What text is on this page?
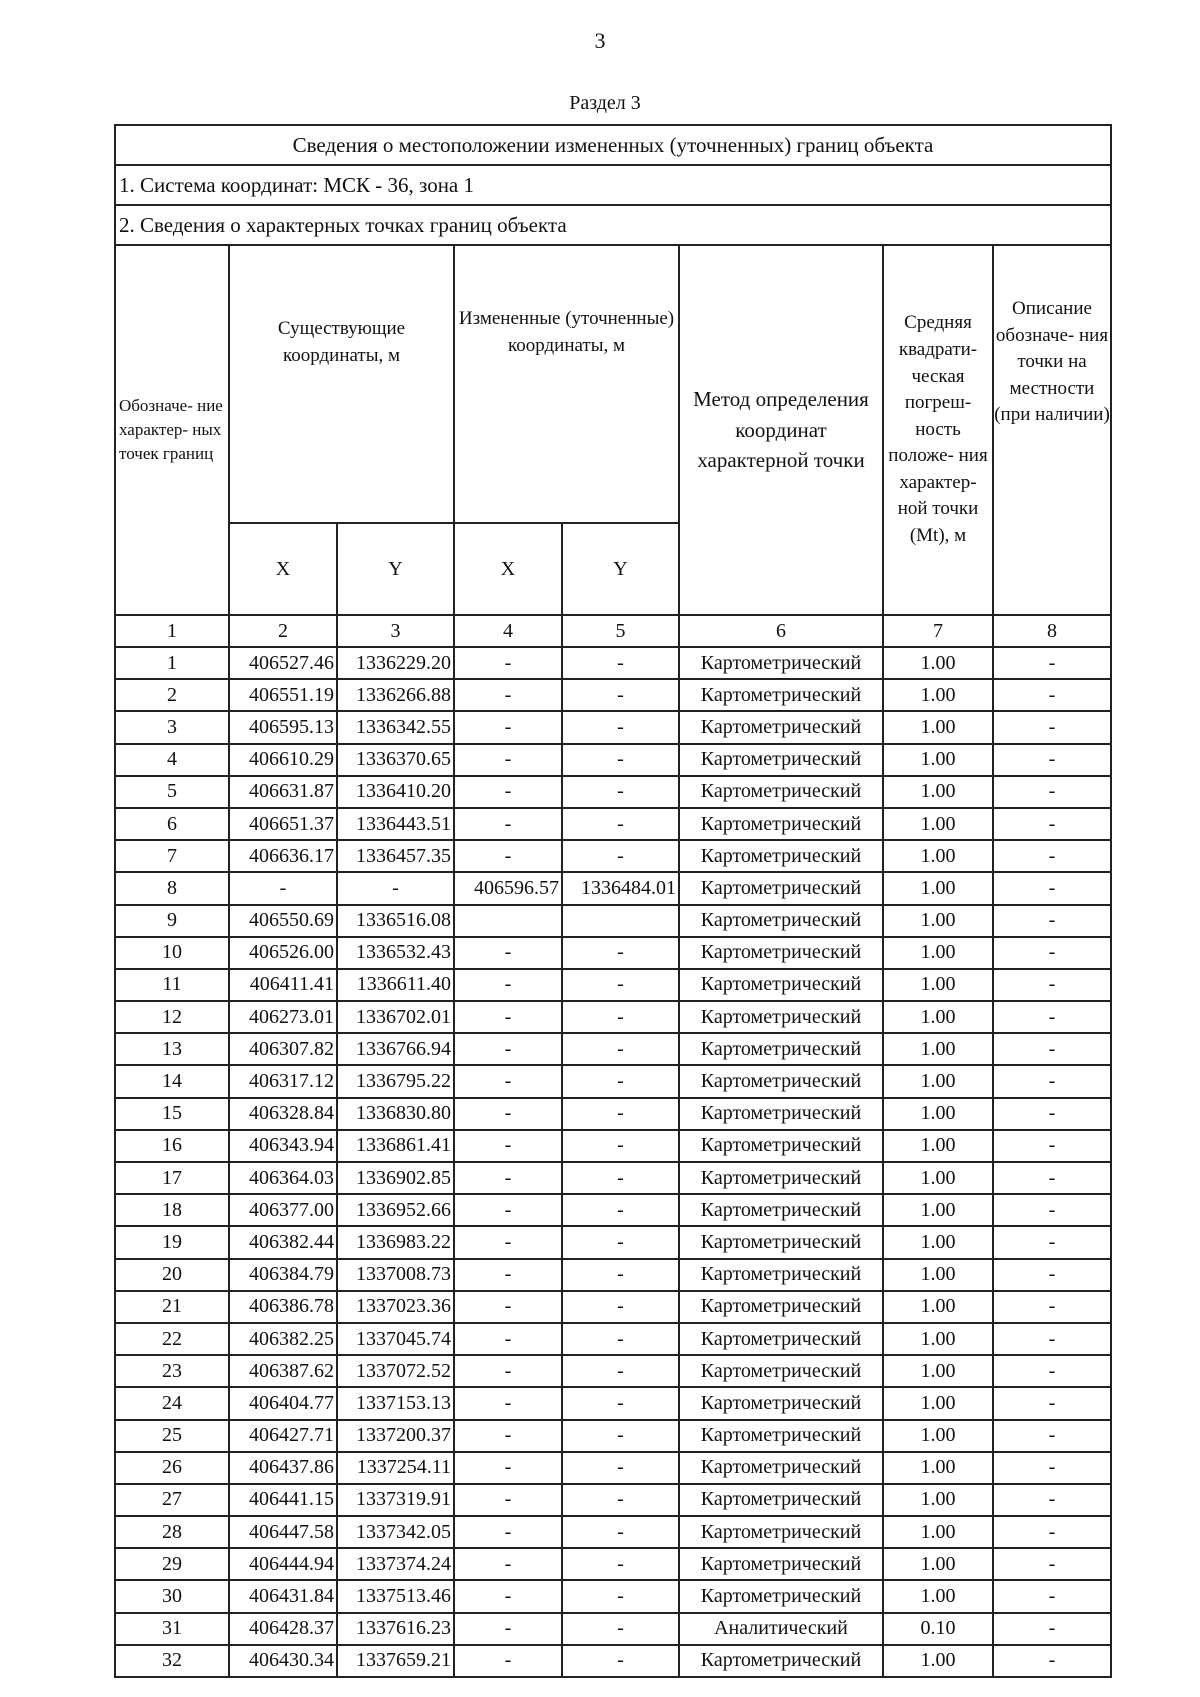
3
Раздел 3
Сведения о местоположении измененных (уточненных) границ объекта							
1. Система координат: МСК - 36, зона 1							
2. Сведения о характерных точках границ объекта							
Обозначе- ние характер- ных точек границ	Существующие координаты, м		Измененные (уточненные) координаты, м		Метод определения координат характерной точки	Средняя квадрати- ческая погреш- ность положе- ния характер- ной точки (Mt), м	Описание обозначе- ния точки на местности (при наличии)
	X	Y	X	Y			
1	2	3	4	5	6	7	8
1	406527.46	1336229.20	-	-	Картометрический	1.00	-
2	406551.19	1336266.88	-	-	Картометрический	1.00	-
3	406595.13	1336342.55	-	-	Картометрический	1.00	-
4	406610.29	1336370.65	-	-	Картометрический	1.00	-
5	406631.87	1336410.20	-	-	Картометрический	1.00	-
6	406651.37	1336443.51	-	-	Картометрический	1.00	-
7	406636.17	1336457.35	-	-	Картометрический	1.00	-
8	-	-	406596.57	1336484.01	Картометрический	1.00	-
9	406550.69	1336516.08			Картометрический	1.00	-
10	406526.00	1336532.43	-	-	Картометрический	1.00	-
11	406411.41	1336611.40	-	-	Картометрический	1.00	-
12	406273.01	1336702.01	-	-	Картометрический	1.00	-
13	406307.82	1336766.94	-	-	Картометрический	1.00	-
14	406317.12	1336795.22	-	-	Картометрический	1.00	-
15	406328.84	1336830.80	-	-	Картометрический	1.00	-
16	406343.94	1336861.41	-	-	Картометрический	1.00	-
17	406364.03	1336902.85	-	-	Картометрический	1.00	-
18	406377.00	1336952.66	-	-	Картометрический	1.00	-
19	406382.44	1336983.22	-	-	Картометрический	1.00	-
20	406384.79	1337008.73	-	-	Картометрический	1.00	-
21	406386.78	1337023.36	-	-	Картометрический	1.00	-
22	406382.25	1337045.74	-	-	Картометрический	1.00	-
23	406387.62	1337072.52	-	-	Картометрический	1.00	-
24	406404.77	1337153.13	-	-	Картометрический	1.00	-
25	406427.71	1337200.37	-	-	Картометрический	1.00	-
26	406437.86	1337254.11	-	-	Картометрический	1.00	-
27	406441.15	1337319.91	-	-	Картометрический	1.00	-
28	406447.58	1337342.05	-	-	Картометрический	1.00	-
29	406444.94	1337374.24	-	-	Картометрический	1.00	-
30	406431.84	1337513.46	-	-	Картометрический	1.00	-
31	406428.37	1337616.23	-	-	Аналитический	0.10	-
32	406430.34	1337659.21	-	-	Картометрический	1.00	-
